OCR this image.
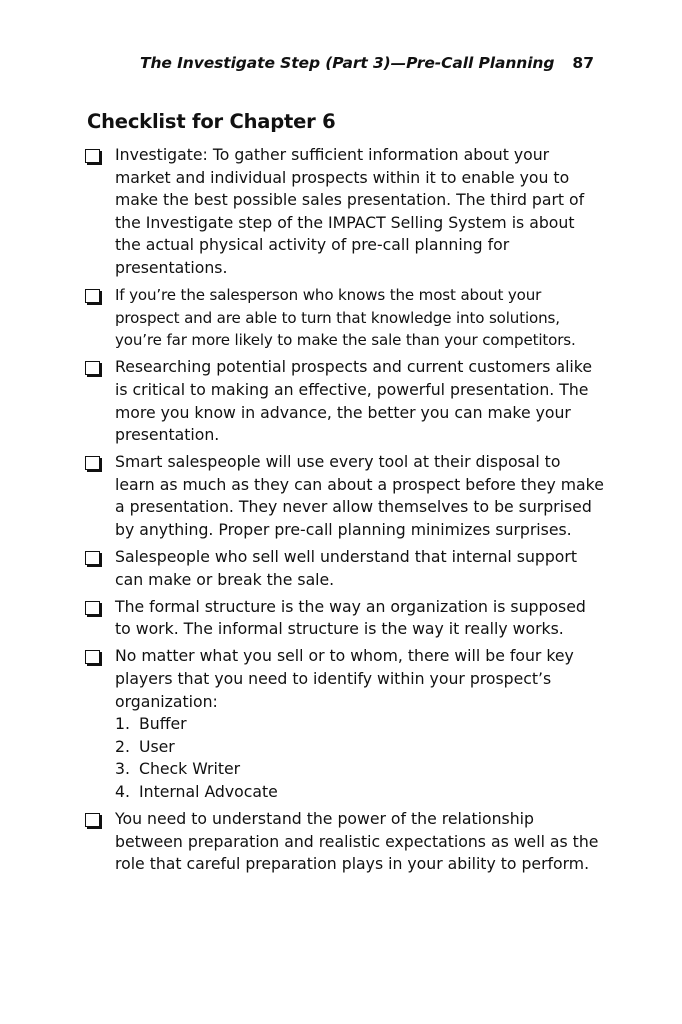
The Investigate Step (Part 3)—Pre-Call Planning 87
Checklist for Chapter 6
Investigate: To gather sufficient information about your market and individual prospects within it to enable you to make the best possible sales presentation. The third part of the Investigate step of the IMPACT Selling System is about the actual physical activity of pre-call planning for presentations.
If you’re the salesperson who knows the most about your prospect and are able to turn that knowledge into solutions, you’re far more likely to make the sale than your competitors.
Researching potential prospects and current customers alike is critical to making an effective, powerful presentation. The more you know in advance, the better you can make your presentation.
Smart salespeople will use every tool at their disposal to learn as much as they can about a prospect before they make a presentation. They never allow themselves to be surprised by anything. Proper pre-call planning minimizes surprises.
Salespeople who sell well understand that internal support can make or break the sale.
The formal structure is the way an organization is supposed to work. The informal structure is the way it really works.
No matter what you sell or to whom, there will be four key players that you need to identify within your prospect’s organization:
1. Buffer
2. User
3. Check Writer
4. Internal Advocate
You need to understand the power of the relationship between preparation and realistic expectations as well as the role that careful preparation plays in your ability to perform.
